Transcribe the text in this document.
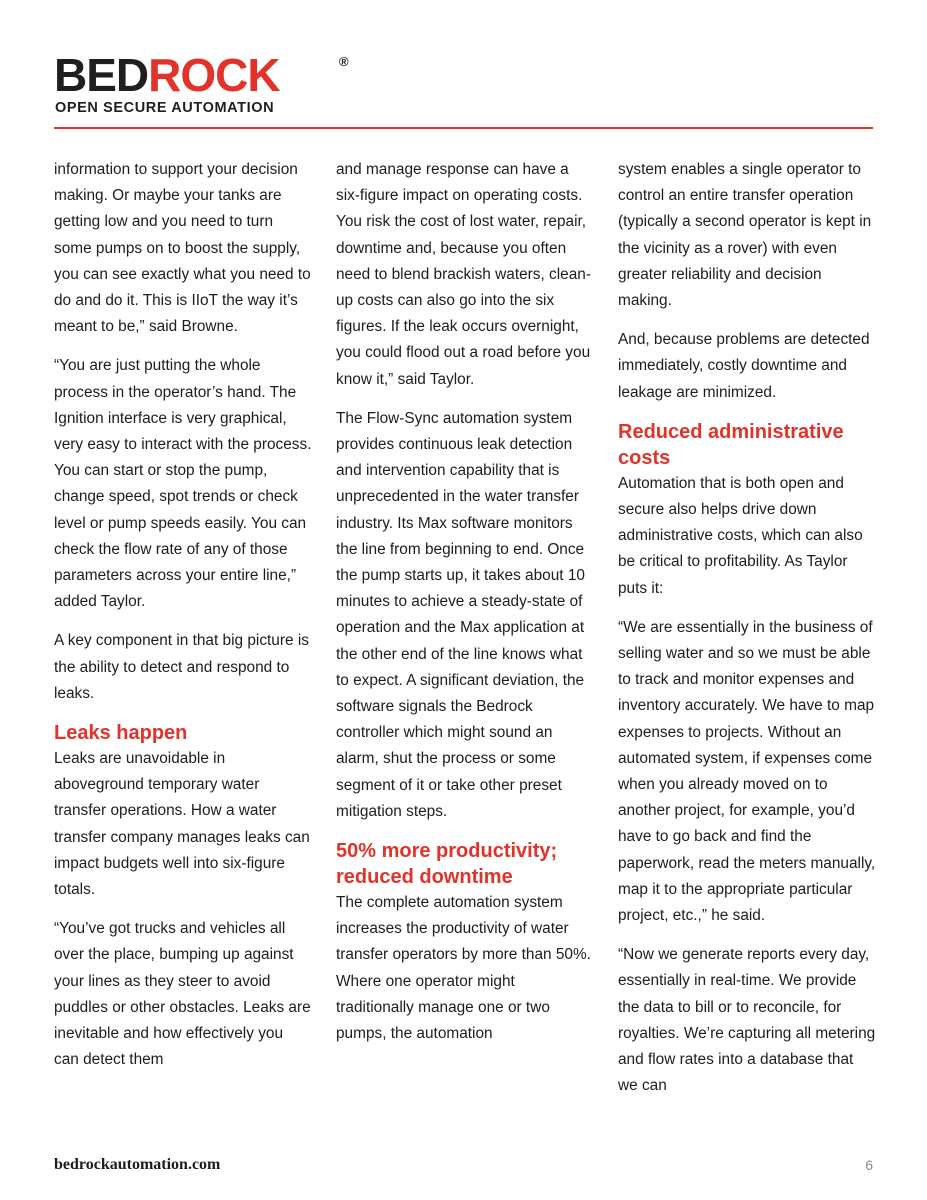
BEDROCK	®
OPEN SECURE AUTOMATION

information to support your decision making. Or maybe your tanks are getting low and you need to turn some pumps on to boost the supply, you can see exactly what you need to do and do it. This is IIoT the way it’s meant to be,” said Browne.

“You are just putting the whole process in the operator’s hand. The Ignition interface is very graphical, very easy to interact with the process. You can start or stop the pump, change speed, spot trends or check level or pump speeds easily. You can check the flow rate of any of those parameters across your entire line,” added Taylor.

A key component in that big picture is the ability to detect and respond to leaks.

Leaks happen

Leaks are unavoidable in aboveground temporary water transfer operations. How a water transfer company manages leaks can impact budgets well into six-figure totals.

“You’ve got trucks and vehicles all over the place, bumping up against your lines as they steer to avoid puddles or other obstacles. Leaks are inevitable and how effectively you can detect them

and manage response can have a six-figure impact on operating costs. You risk the cost of lost water, repair, downtime and, because you often need to blend brackish waters, clean-up costs can also go into the six figures. If the leak occurs overnight, you could flood out a road before you know it,” said Taylor.

The Flow-Sync automation system provides continuous leak detection and intervention capability that is unprecedented in the water transfer industry. Its Max software monitors the line from beginning to end. Once the pump starts up, it takes about 10 minutes to achieve a steady-state of operation and the Max application at the other end of the line knows what to expect. A significant deviation, the software signals the Bedrock controller which might sound an alarm, shut the process or some segment of it or take other preset mitigation steps.

50% more productivity; reduced downtime

The complete automation system increases the productivity of water transfer operators by more than 50%. Where one operator might traditionally manage one or two pumps, the automation

system enables a single operator to control an entire transfer operation (typically a second operator is kept in the vicinity as a rover) with even greater reliability and decision making.

And, because problems are detected immediately, costly downtime and leakage are minimized.

Reduced administrative costs

Automation that is both open and secure also helps drive down administrative costs, which can also be critical to profitability. As Taylor puts it:

“We are essentially in the business of selling water and so we must be able to track and monitor expenses and inventory accurately. We have to map expenses to projects. Without an automated system, if expenses come when you already moved on to another project, for example, you’d have to go back and find the paperwork, read the meters manually, map it to the appropriate particular project, etc.,” he said.

“Now we generate reports every day, essentially in real-time. We provide the data to bill or to reconcile, for royalties. We’re capturing all metering and flow rates into a database that we can

bedrockautomation.com	6
